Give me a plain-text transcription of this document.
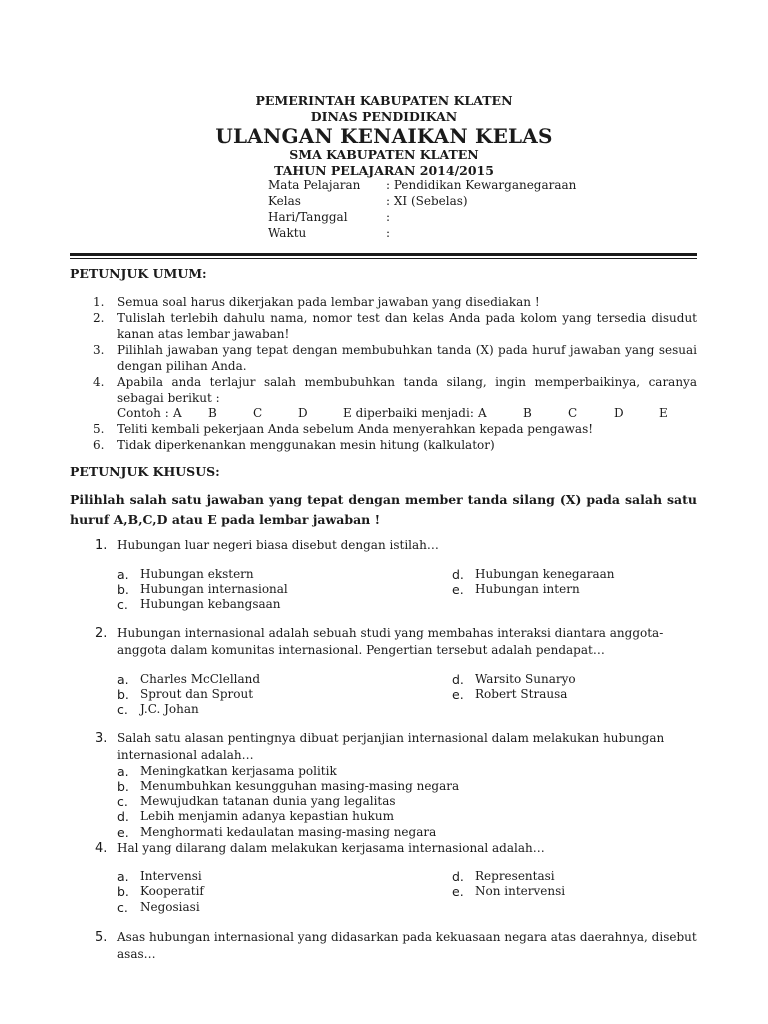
PEMERINTAH KABUPATEN KLATEN
DINAS PENDIDIKAN
ULANGAN KENAIKAN KELAS
SMA KABUPATEN KLATEN
TAHUN PELAJARAN 2014/2015
Mata Pelajaran : Pendidikan Kewarganegaraan
Kelas	: XI (Sebelas)
Hari/Tanggal	:
Waktu	:
PETUNJUK UMUM:
1. Semua soal harus dikerjakan pada lembar jawaban yang disediakan !
2. Tulislah terlebih dahulu nama, nomor test dan kelas Anda pada kolom yang tersedia disudut kanan atas lembar jawaban!
3. Pilihlah jawaban yang tepat dengan membubuhkan tanda (X) pada huruf jawaban yang sesuai dengan pilihan Anda.
4. Apabila anda terlajur salah membubuhkan tanda silang, ingin memperbaikinya, caranya sebagai berikut :
Contoh : A B	C	D	E diperbaiki menjadi: A	B	C	D	E
5. Teliti kembali pekerjaan Anda sebelum Anda menyerahkan kepada pengawas!
6. Tidak diperkenankan menggunakan mesin hitung (kalkulator)
PETUNJUK KHUSUS:
Pilihlah salah satu jawaban yang tepat dengan member tanda silang (X) pada salah satu huruf A,B,C,D atau E pada lembar jawaban !
1. Hubungan luar negeri biasa disebut dengan istilah…
a. Hubungan ekstern
b. Hubungan internasional
c. Hubungan kebangsaan
d. Hubungan kenegaraan
e. Hubungan intern
2. Hubungan internasional adalah sebuah studi yang membahas interaksi diantara anggota-anggota dalam komunitas internasional. Pengertian tersebut adalah pendapat…
a. Charles McClelland
b. Sprout dan Sprout
c. J.C. Johan
d. Warsito Sunaryo
e. Robert Strausa
3. Salah satu alasan pentingnya dibuat perjanjian internasional dalam melakukan hubungan internasional adalah…
a. Meningkatkan kerjasama politik
b. Menumbuhkan kesungguhan masing-masing negara
c. Mewujudkan tatanan dunia yang legalitas
d. Lebih menjamin adanya kepastian hukum
e. Menghormati kedaulatan masing-masing negara
4. Hal yang dilarang dalam melakukan kerjasama internasional adalah…
a. Intervensi
b. Kooperatif
c. Negosiasi
d. Representasi
e. Non intervensi
5. Asas hubungan internasional yang didasarkan pada kekuasaan negara atas daerahnya, disebut asas…
